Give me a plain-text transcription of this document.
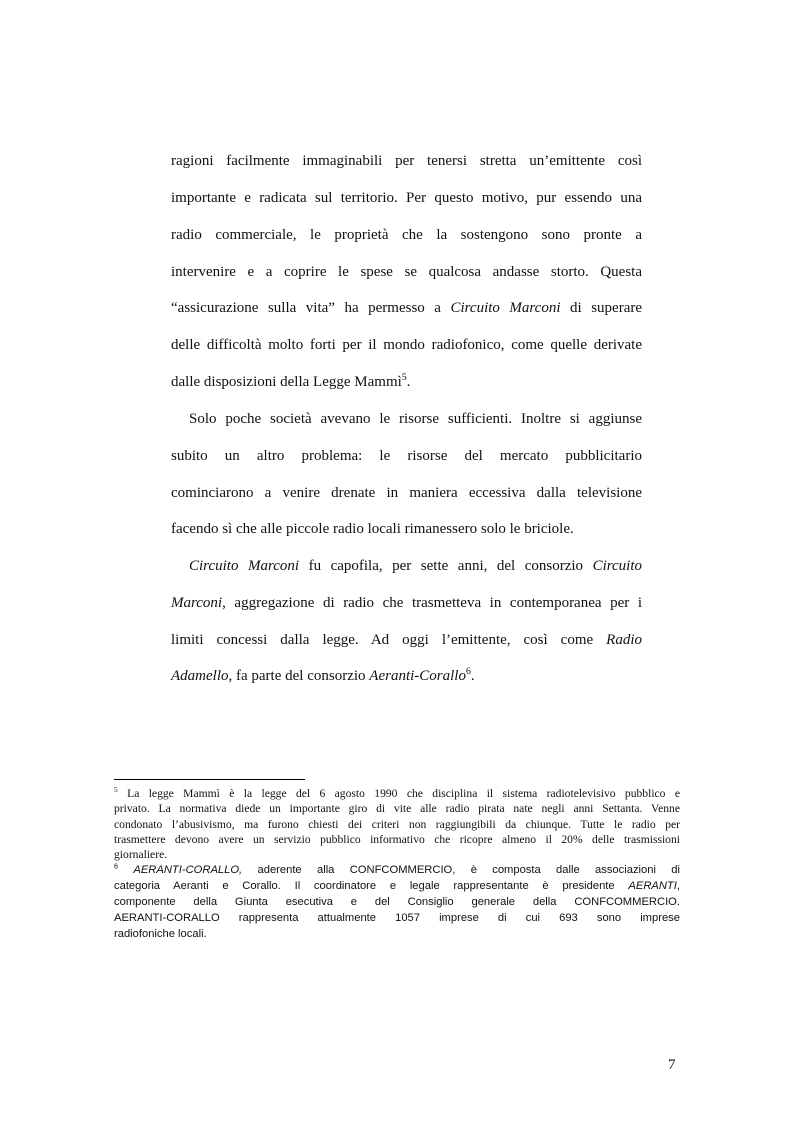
ragioni facilmente immaginabili per tenersi stretta un’emittente così
importante e radicata sul territorio. Per questo motivo, pur essendo una
radio commerciale, le proprietà che la sostengono sono pronte a
intervenire e a coprire le spese se qualcosa andasse storto. Questa
“assicurazione sulla vita” ha permesso a Circuito Marconi di superare
delle difficoltà molto forti per il mondo radiofonico, come quelle derivate
dalle disposizioni della Legge Mammì$^5$.
Solo poche società avevano le risorse sufficienti. Inoltre si aggiunse
subito un altro problema: le risorse del mercato pubblicitario
cominciarono a venire drenate in maniera eccessiva dalla televisione
facendo sì che alle piccole radio locali rimanessero solo le briciole.
Circuito Marconi fu capofila, per sette anni, del consorzio Circuito
Marconi, aggregazione di radio che trasmetteva in contemporanea per i
limiti concessi dalla legge. Ad oggi l’emittente, così come Radio
Adamello, fa parte del consorzio Aeranti-Corallo$^6$.
$^5$ La legge Mammì è la legge del 6 agosto 1990 che disciplina il sistema radiotelevisivo pubblico e
privato. La normativa diede un importante giro di vite alle radio pirata nate negli anni Settanta. Venne
condonato l’abusivismo, ma furono chiesti dei criteri non raggiungibili da chiunque. Tutte le radio per
trasmettere devono avere un servizio pubblico informativo che ricopre almeno il 20% delle trasmissioni
giornaliere.
$^6$ AERANTI-CORALLO, aderente alla CONFCOMMERCIO, è composta dalle associazioni di
categoria Aeranti e Corallo. Il coordinatore e legale rappresentante è presidente AERANTI,
componente della Giunta esecutiva e del Consiglio generale della CONFCOMMERCIO.
AERANTI-CORALLO rappresenta attualmente 1057 imprese di cui 693 sono imprese
radiofoniche locali.
7
